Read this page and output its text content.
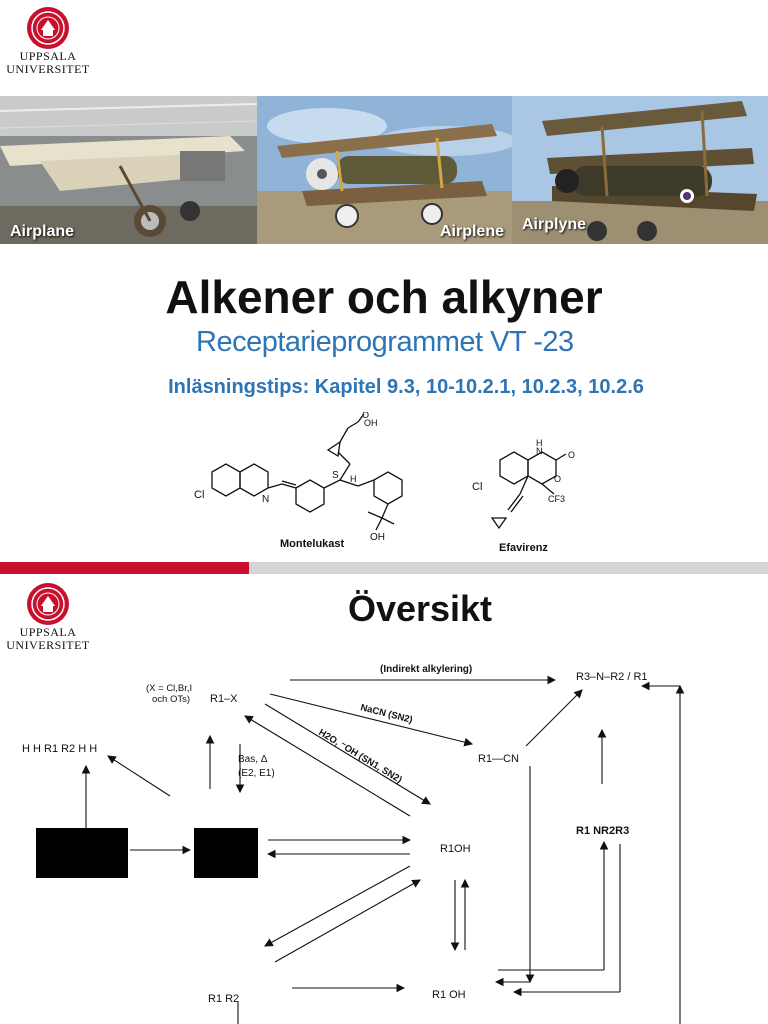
UPPSALA
UNIVERSITET
Airplane	Airplene Airplyne
Alkener och alkyner
Receptarieprogrammet VT -23
Inläsningstips: Kapitel 9.3, 10-10.2.1, 10.2.3, 10.2.6
Cl	N
S H
OH
O
OH
Montelukast
Cl
H
N
O
O
CF3
Efavirenz
UPPSALA
UNIVERSITET
Översikt
(X = Cl,Br,I
och OTs) R1–X
(Indirekt alkylering)
R3–N–R2 / R1
NaCN (SN2)
H2O, ⁻OH (SN1, SN2)
Bas, Δ
(E2, E1)
R1—CN
R1OH
R1 NR2R3
R1 R2	R1 OH
H H R1 R2 H H
